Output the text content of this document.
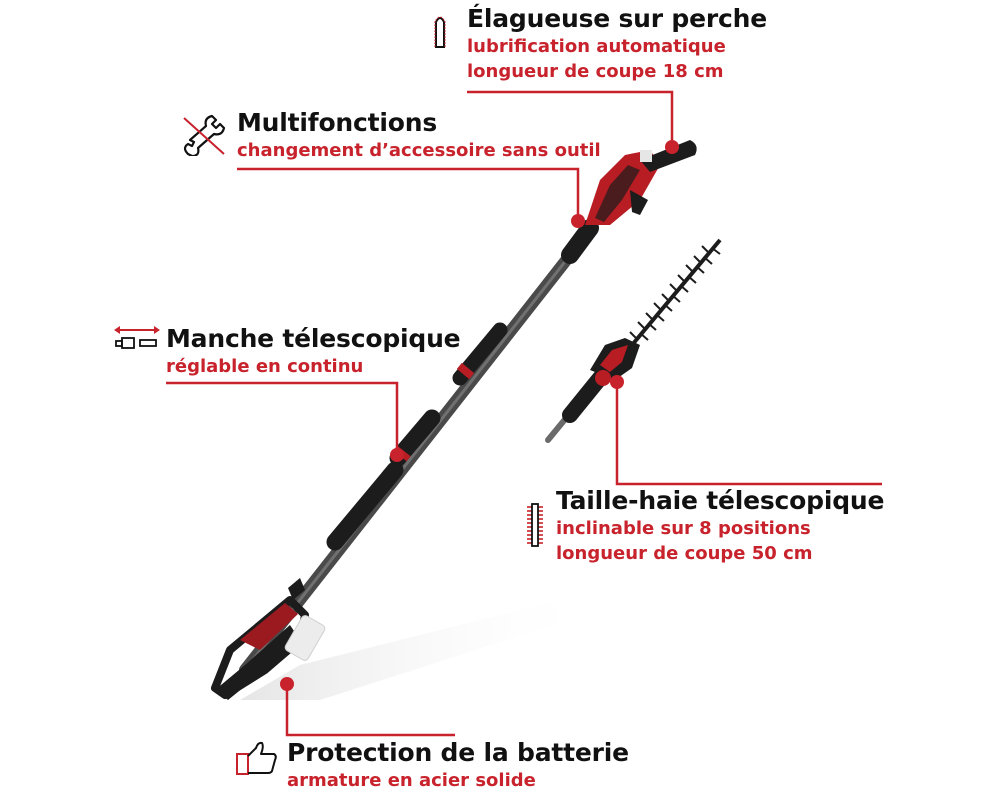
Élagueuse sur perche
lubrification automatique
longueur de coupe 18 cm
Multifonctions
changement d’accessoire sans outil
Manche télescopique
réglable en continu
Taille-haie télescopique
inclinable sur 8 positions
longueur de coupe 50 cm
Protection de la batterie
armature en acier solide
